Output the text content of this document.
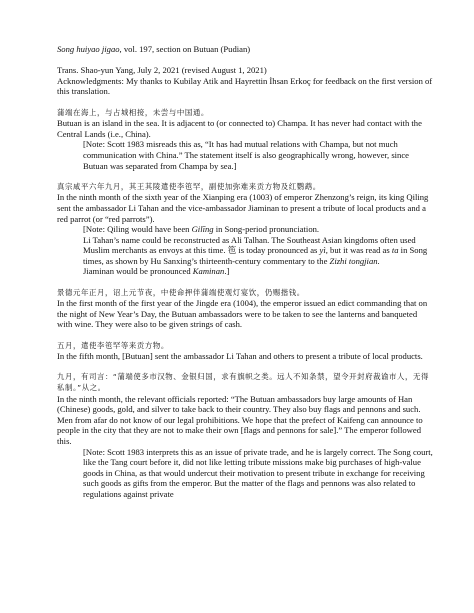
Song huiyao jigao, vol. 197, section on Butuan (Pudian)

Trans. Shao-yun Yang, July 2, 2021 (revised August 1, 2021)

Acknowledgments: My thanks to Kubilay Atik and Hayrettin İhsan Erkoç for feedback on the first version of this translation.

蒲端在海上，与占城相接，未尝与中国通。

Butuan is an island in the sea. It is adjacent to (or connected to) Champa. It has never had contact with the Central Lands (i.e., China).

[Note: Scott 1983 misreads this as, “It has had mutual relations with Champa, but not much communication with China.” The statement itself is also geographically wrong, however, since Butuan was separated from Champa by sea.]

真宗咸平六年九月，其王其陵遣使李竾罕，副使加弥难来贡方物及红鹦鹉。

In the ninth month of the sixth year of the Xianping era (1003) of emperor Zhenzong’s reign, its king Qiling sent the ambassador Li Tahan and the vice-ambassador Jiaminan to present a tribute of local products and a red parrot (or “red parrots”).

[Note: Qiling would have been Gilīng in Song-period pronunciation.

Li Tahan’s name could be reconstructed as Ali Talhan. The Southeast Asian kingdoms often used Muslim merchants as envoys at this time. 竾 is today pronounced as yì, but it was read as ta in Song times, as shown by Hu Sanxing’s thirteenth-century commentary to the Zizhi tongjian.

Jiaminan would be pronounced Kaminan.]

景德元年正月，诏上元节夜，中使命押伴蒲端使观灯宴饮，仍赐揩钱。

In the first month of the first year of the Jingde era (1004), the emperor issued an edict commanding that on the night of New Year’s Day, the Butuan ambassadors were to be taken to see the lanterns and banqueted with wine. They were also to be given strings of cash.

五月，遣使李竾罕等来贡方物。

In the fifth month, [Butuan] sent the ambassador Li Tahan and others to present a tribute of local products.

九月，有司言：“蒲端使多市汉物、金银归国，求有旗帜之类。远人不知条禁，望令开封府裁谕市人，无得私制。”从之。

In the ninth month, the relevant officials reported: “The Butuan ambassadors buy large amounts of Han (Chinese) goods, gold, and silver to take back to their country. They also buy flags and pennons and such. Men from afar do not know of our legal prohibitions. We hope that the prefect of Kaifeng can announce to people in the city that they are not to make their own [flags and pennons for sale].” The emperor followed this.

[Note: Scott 1983 interprets this as an issue of private trade, and he is largely correct. The Song court, like the Tang court before it, did not like letting tribute missions make big purchases of high-value goods in China, as that would undercut their motivation to present tribute in exchange for receiving such goods as gifts from the emperor. But the matter of the flags and pennons was also related to regulations against private
